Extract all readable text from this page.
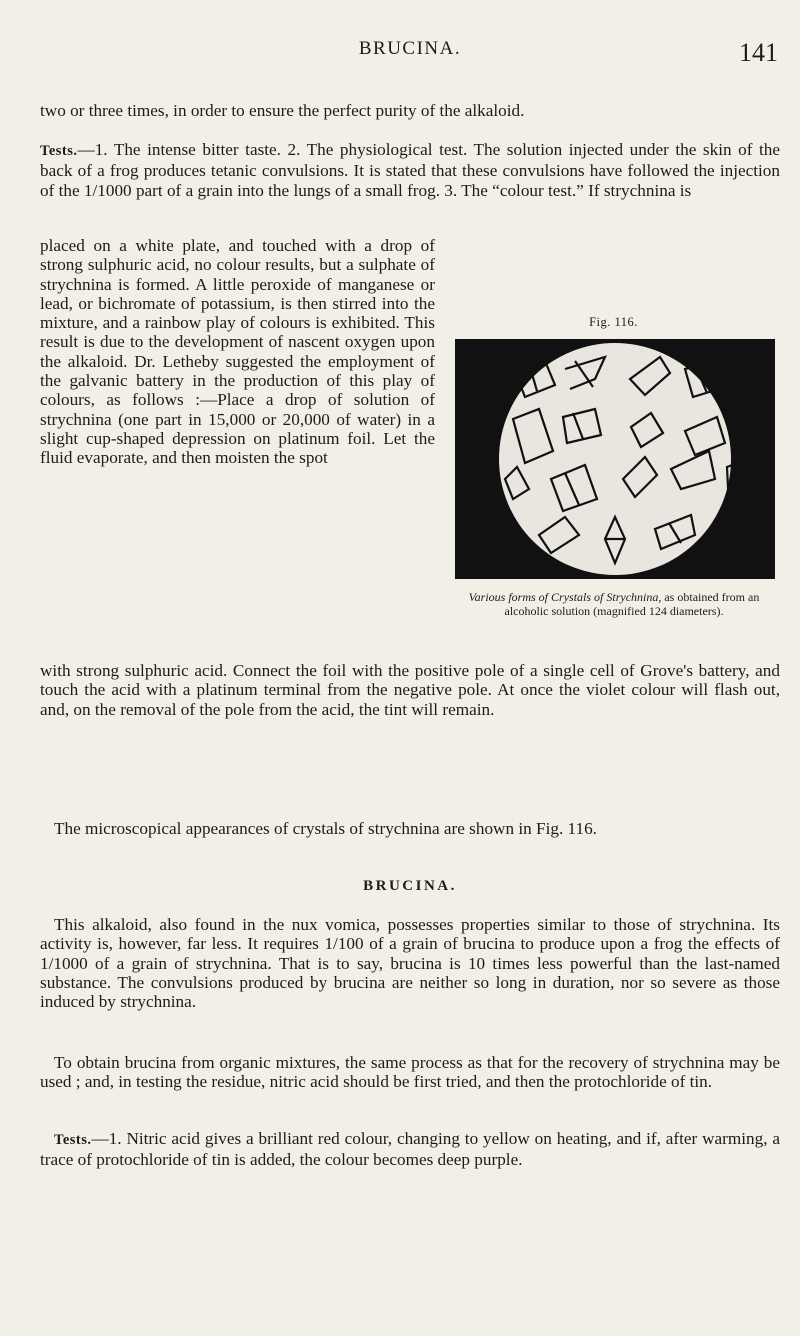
BRUCINA.	141

two or three times, in order to ensure the perfect purity of the alkaloid.

Tests.—1. The intense bitter taste. 2. The physiological test. The solution injected under the skin of the back of a frog produces tetanic convulsions. It is stated that these convulsions have followed the injection of the 1/1000 part of a grain into the lungs of a small frog. 3. The “colour test.” If strychnina is

placed on a white plate, and touched with a drop of strong sulphuric acid, no colour results, but a sulphate of strychnina is formed. A little peroxide of manganese or lead, or bichromate of potassium, is then stirred into the mixture, and a rainbow play of colours is exhibited. This result is due to the development of nascent oxygen upon the alkaloid. Dr. Letheby suggested the employment of the galvanic battery in the production of this play of colours, as follows :—Place a drop of solution of strychnina (one part in 15,000 or 20,000 of water) in a slight cup-shaped depression on platinum foil. Let the fluid evaporate, and then moisten the spot

Fig. 116.
Various forms of Crystals of Strychnina, as obtained from an alcoholic solution (magnified 124 diameters).

with strong sulphuric acid. Connect the foil with the positive pole of a single cell of Grove's battery, and touch the acid with a platinum terminal from the negative pole. At once the violet colour will flash out, and, on the removal of the pole from the acid, the tint will remain.

The microscopical appearances of crystals of strychnina are shown in Fig. 116.

BRUCINA.

This alkaloid, also found in the nux vomica, possesses properties similar to those of strychnina. Its activity is, however, far less. It requires 1/100 of a grain of brucina to produce upon a frog the effects of 1/1000 of a grain of strychnina. That is to say, brucina is 10 times less powerful than the last-named substance. The convulsions produced by brucina are neither so long in duration, nor so severe as those induced by strychnina.

To obtain brucina from organic mixtures, the same process as that for the recovery of strychnina may be used ; and, in testing the residue, nitric acid should be first tried, and then the protochloride of tin.

Tests.—1. Nitric acid gives a brilliant red colour, changing to yellow on heating, and if, after warming, a trace of protochloride of tin is added, the colour becomes deep purple.
